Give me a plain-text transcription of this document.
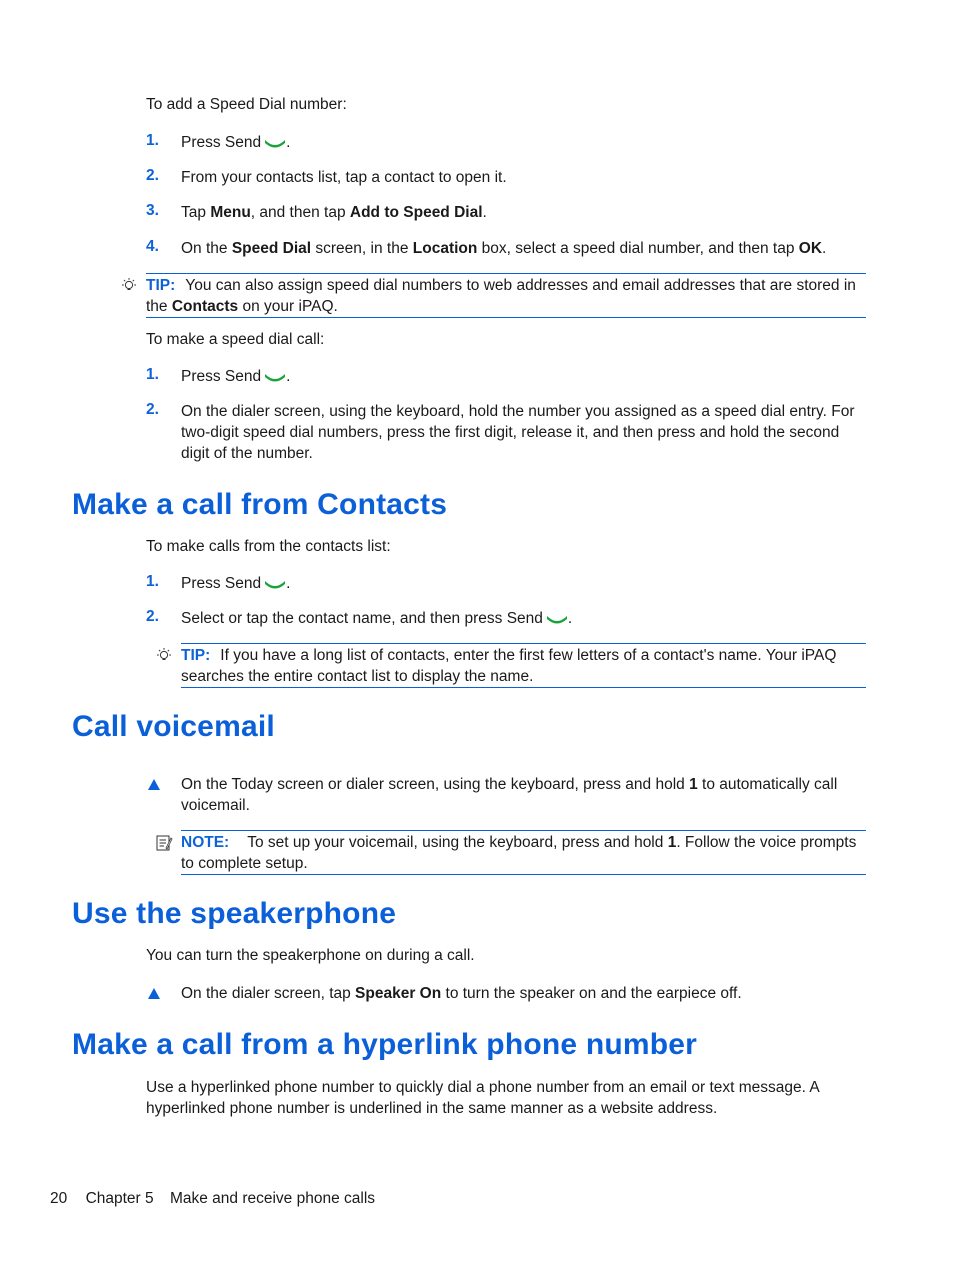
To add a Speed Dial number:
1. Press Send .
2. From your contacts list, tap a contact to open it.
3. Tap Menu, and then tap Add to Speed Dial.
4. On the Speed Dial screen, in the Location box, select a speed dial number, and then tap OK.
TIP: You can also assign speed dial numbers to web addresses and email addresses that are stored in the Contacts on your iPAQ.
To make a speed dial call:
1. Press Send .
2. On the dialer screen, using the keyboard, hold the number you assigned as a speed dial entry. For two-digit speed dial numbers, press the first digit, release it, and then press and hold the second digit of the number.
Make a call from Contacts
To make calls from the contacts list:
1. Press Send .
2. Select or tap the contact name, and then press Send .
TIP: If you have a long list of contacts, enter the first few letters of a contact's name. Your iPAQ searches the entire contact list to display the name.
Call voicemail
On the Today screen or dialer screen, using the keyboard, press and hold 1 to automatically call voicemail.
NOTE: To set up your voicemail, using the keyboard, press and hold 1. Follow the voice prompts to complete setup.
Use the speakerphone
You can turn the speakerphone on during a call.
On the dialer screen, tap Speaker On to turn the speaker on and the earpiece off.
Make a call from a hyperlink phone number
Use a hyperlinked phone number to quickly dial a phone number from an email or text message. A hyperlinked phone number is underlined in the same manner as a website address.
20 Chapter 5 Make and receive phone calls
